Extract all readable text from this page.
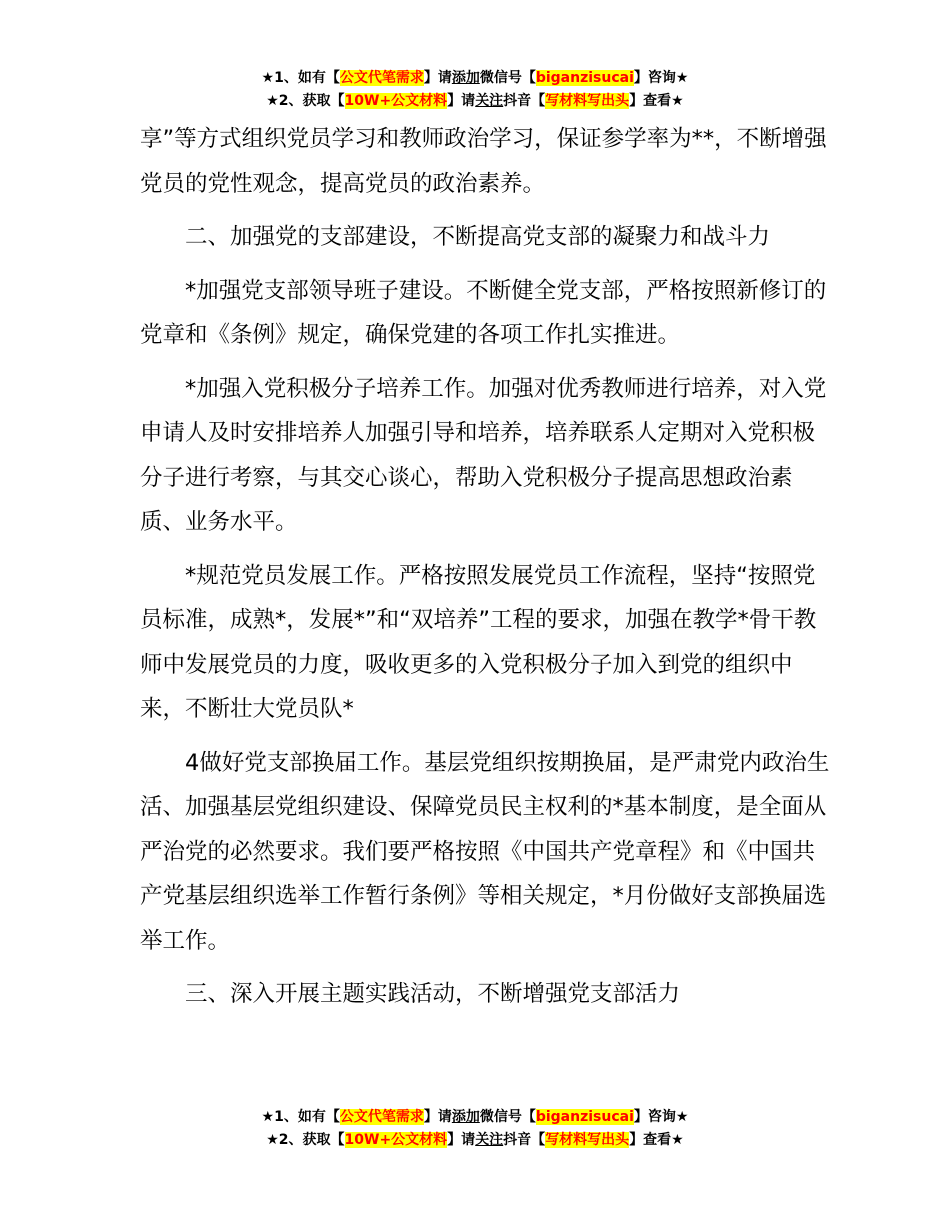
★1、如有【公文代笔需求】请添加微信号【biganzisucai】咨询★
★2、获取【10W+公文材料】请关注抖音【写材料写出头】查看★

享”等方式组织党员学习和教师政治学习，保证参学率为**，不断增强党员的党性观念，提高党员的政治素养。

二、加强党的支部建设，不断提高党支部的凝聚力和战斗力

*加强党支部领导班子建设。不断健全党支部，严格按照新修订的党章和《条例》规定，确保党建的各项工作扎实推进。

*加强入党积极分子培养工作。加强对优秀教师进行培养，对入党申请人及时安排培养人加强引导和培养，培养联系人定期对入党积极分子进行考察，与其交心谈心，帮助入党积极分子提高思想政治素质、业务水平。

*规范党员发展工作。严格按照发展党员工作流程，坚持“按照党员标准，成熟*，发展*”和“双培养”工程的要求，加强在教学*骨干教师中发展党员的力度，吸收更多的入党积极分子加入到党的组织中来，不断壮大党员队*

4做好党支部换届工作。基层党组织按期换届，是严肃党内政治生活、加强基层党组织建设、保障党员民主权利的*基本制度，是全面从严治党的必然要求。我们要严格按照《中国共产党章程》和《中国共产党基层组织选举工作暂行条例》等相关规定，*月份做好支部换届选举工作。

三、深入开展主题实践活动，不断增强党支部活力

★1、如有【公文代笔需求】请添加微信号【biganzisucai】咨询★
★2、获取【10W+公文材料】请关注抖音【写材料写出头】查看★
